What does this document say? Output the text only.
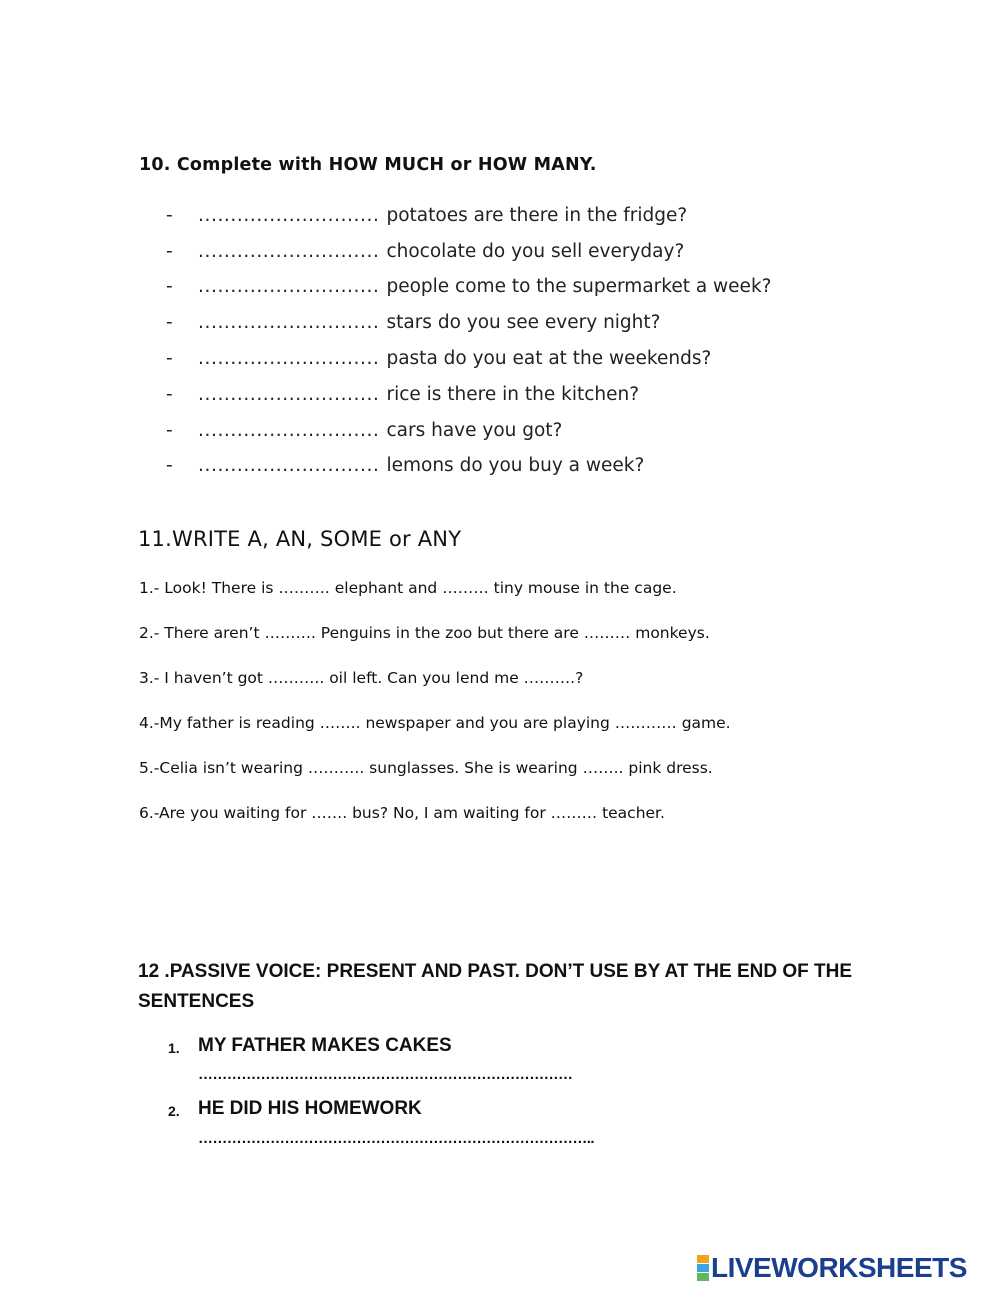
10. Complete with HOW MUCH or HOW MANY.
-	............................ potatoes are there in the fridge?
-	............................ chocolate do you sell everyday?
-	............................ people come to the supermarket a week?
-	............................ stars do you see every night?
-	............................ pasta do you eat at the weekends?
-	............................ rice is there in the kitchen?
-	............................ cars have you got?
-	............................ lemons do you buy a week?
11.WRITE A, AN, SOME or ANY
1.- Look! There is ………. elephant and ……… tiny mouse in the cage.
2.- There aren’t ………. Penguins in the zoo but there are ……… monkeys.
3.- I haven’t got ……….. oil left. Can you lend me ……….?
4.-My father is reading …….. newspaper and you are playing ………… game.
5.-Celia isn’t wearing ……….. sunglasses. She is wearing …….. pink dress.
6.-Are you waiting for ……. bus? No, I am waiting for ……… teacher.
12 .PASSIVE VOICE: PRESENT AND PAST. DON’T USE BY AT THE END OF THE SENTENCES
1. MY FATHER MAKES CAKES
……………………………………………………………………
2. HE DID HIS HOMEWORK
………………………………………………………………………..
LIVEWORKSHEETS
